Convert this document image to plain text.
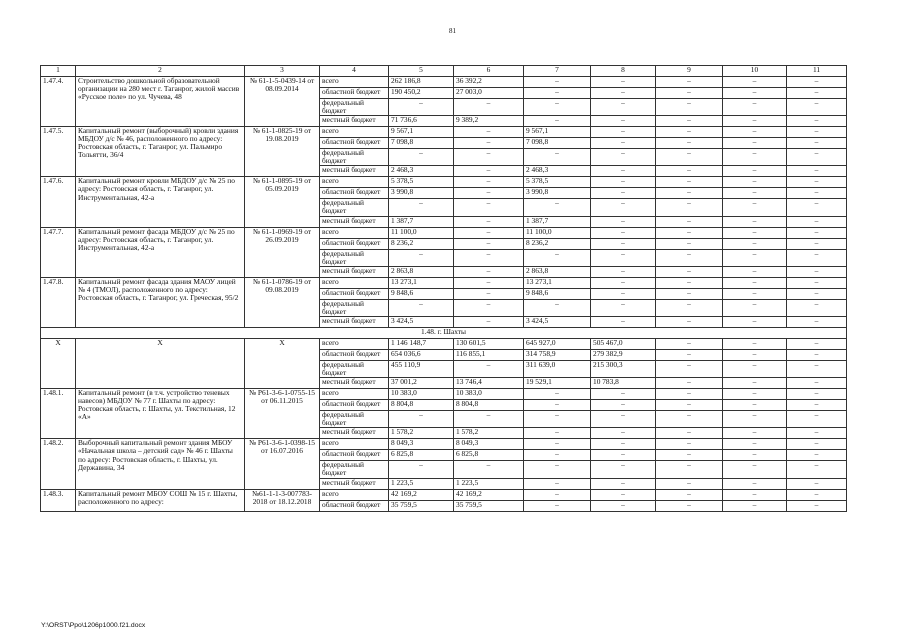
81
1	2	3	4	5	6	7	8	9	10	11
1.47.4.	Строительство дошкольной образовательной организации на 280 мест г. Таганрог, жилой массив «Русское поле» по ул. Чучева, 48	№ 61-1-5-0439-14 от 08.09.2014	всего	262 186,8	36 392,2	–	–	–	–	–
			областной бюджет	190 450,2	27 003,0	–	–	–	–	–
			федеральный бюджет	–	–	–	–	–	–	–
			местный бюджет	71 736,6	9 389,2	–	–	–	–	–
1.47.5.	Капитальный ремонт (выборочный) кровли здания МБДОУ д/с № 46, расположенного по адресу: Ростовская область, г. Таганрог, ул. Пальмиро Тольятти, 36/4	№ 61-1-0825-19 от 19.08.2019	всего	9 567,1	–	9 567,1	–	–	–	–
			областной бюджет	7 098,8	–	7 098,8	–	–	–	–
			федеральный бюджет	–	–	–	–	–	–	–
			местный бюджет	2 468,3	–	2 468,3	–	–	–	–
1.47.6.	Капитальный ремонт кровли МБДОУ д/с № 25 по адресу: Ростовская область, г. Таганрог, ул. Инструментальная, 42-а	№ 61-1-0895-19 от 05.09.2019	всего	5 378,5	–	5 378,5	–	–	–	–
			областной бюджет	3 990,8	–	3 990,8	–	–	–	–
			федеральный бюджет	–	–	–	–	–	–	–
			местный бюджет	1 387,7	–	1 387,7	–	–	–	–
1.47.7.	Капитальный ремонт фасада МБДОУ д/с № 25 по адресу: Ростовская область, г. Таганрог, ул. Инструментальная, 42-а	№ 61-1-0969-19 от 26.09.2019	всего	11 100,0	–	11 100,0	–	–	–	–
			областной бюджет	8 236,2	–	8 236,2	–	–	–	–
			федеральный бюджет	–	–	–	–	–	–	–
			местный бюджет	2 863,8	–	2 863,8	–	–	–	–
1.47.8.	Капитальный ремонт фасада здания МАОУ лицей № 4 (ТМОЛ), расположенного по адресу: Ростовская область, г. Таганрог, ул. Греческая, 95/2	№ 61-1-0786-19 от 09.08.2019	всего	13 273,1	–	13 273,1	–	–	–	–
			областной бюджет	9 848,6	–	9 848,6	–	–	–	–
			федеральный бюджет	–	–	–	–	–	–	–
			местный бюджет	3 424,5	–	3 424,5	–	–	–	–
1.48. г. Шахты										
Х	Х	Х	всего	1 146 148,7	130 601,5	645 927,0	505 467,0	–	–	–
			областной бюджет	654 036,6	116 855,1	314 758,9	279 382,9	–	–	–
			федеральный бюджет	455 110,9	–	311 639,0	215 300,3	–	–	–
			местный бюджет	37 001,2	13 746,4	19 529,1	10 783,8	–	–	–
1.48.1.	Капитальный ремонт (в т.ч. устройство теневых навесов) МБДОУ № 77 г. Шахты по адресу: Ростовская область, г. Шахты, ул. Текстильная, 12 «А»	№ Р61-3-6-1-0755-15 от 06.11.2015	всего	10 383,0	10 383,0	–	–	–	–	–
			областной бюджет	8 804,8	8 804,8	–	–	–	–	–
			федеральный бюджет	–	–	–	–	–	–	–
			местный бюджет	1 578,2	1 578,2	–	–	–	–	–
1.48.2.	Выборочный капитальный ремонт здания МБОУ «Начальная школа – детский сад» № 46 г. Шахты по адресу: Ростовская область, г. Шахты, ул. Державина, 34	№ Р61-3-6-1-0398-15 от 16.07.2016	всего	8 049,3	8 049,3	–	–	–	–	–
			областной бюджет	6 825,8	6 825,8	–	–	–	–	–
			федеральный бюджет	–	–	–	–	–	–	–
			местный бюджет	1 223,5	1 223,5	–	–	–	–	–
1.48.3.	Капитальный ремонт МБОУ СОШ № 15 г. Шахты, расположенного по адресу:	№61-1-1-3-007783-2018 от 18.12.2018	всего	42 169,2	42 169,2	–	–	–	–	–
			областной бюджет	35 759,5	35 759,5	–	–	–	–	–
Y:\ORST\Ppo\1206p1000.f21.docx
